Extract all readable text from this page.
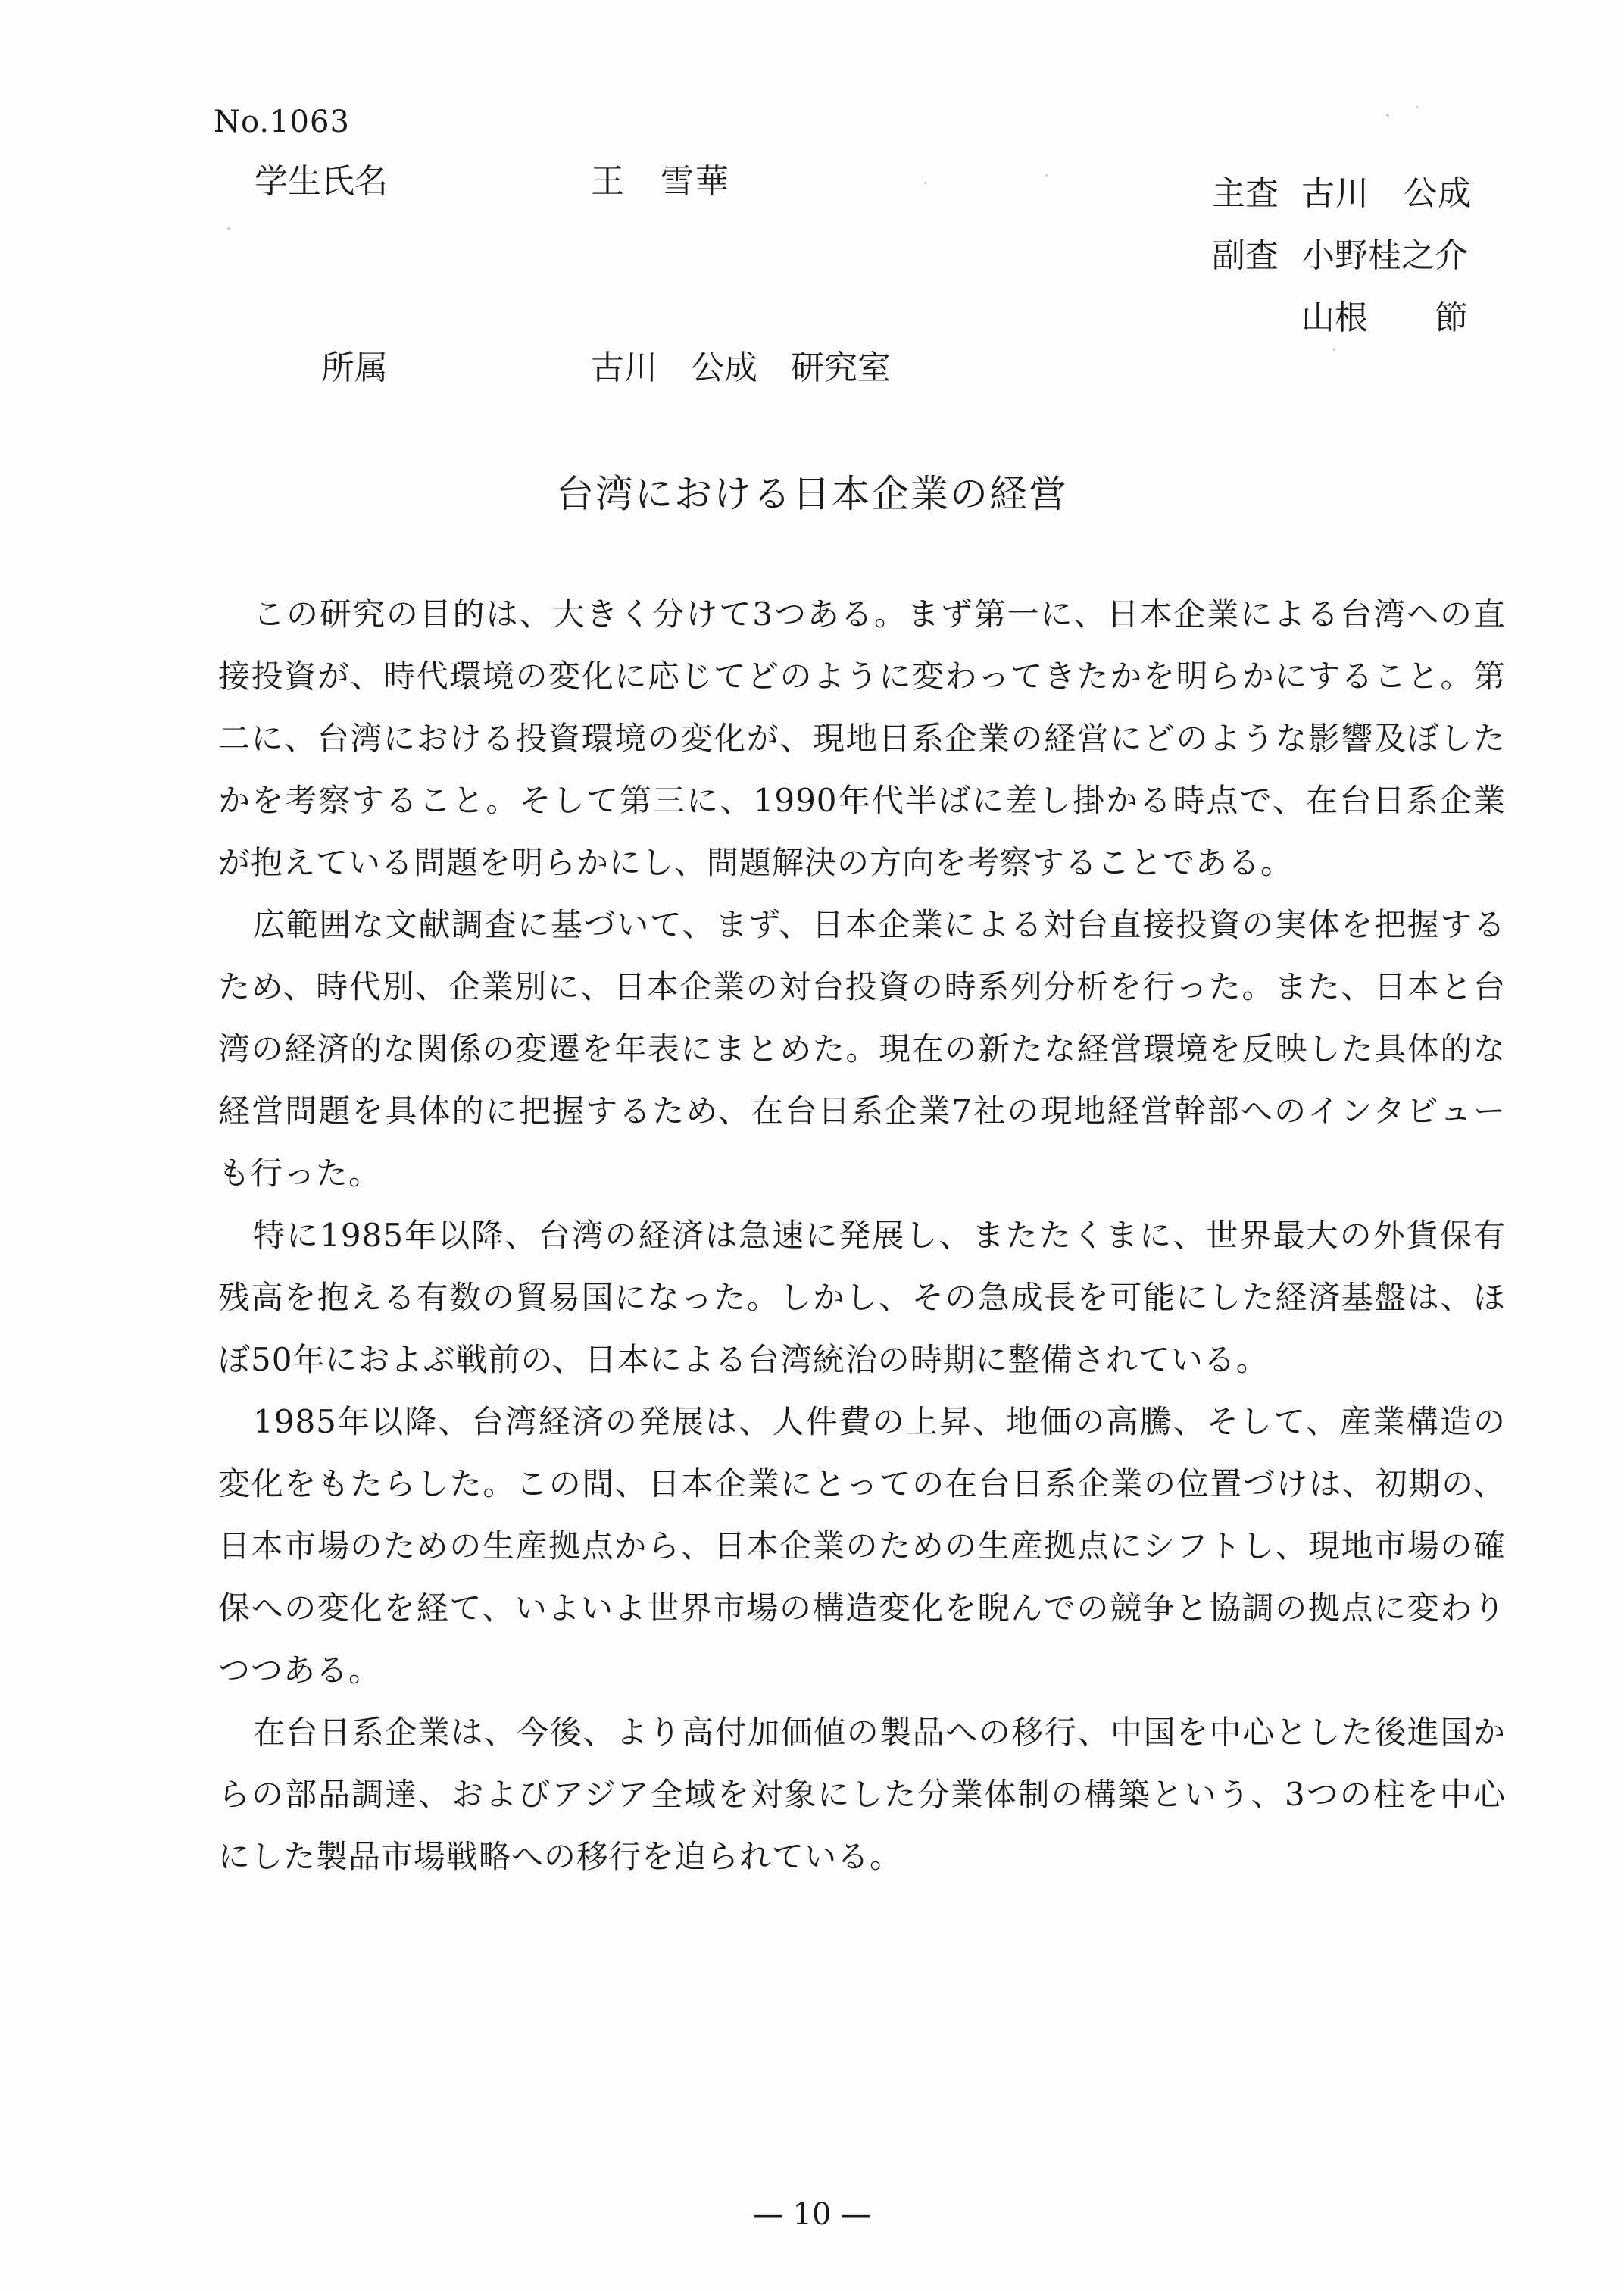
No.1063
学生氏名	王　雪華	主査 古川　公成
副査 小野桂之介
山根　　節
所属	古川　公成　研究室
台湾における日本企業の経営

この研究の目的は、大きく分けて3つある。まず第一に、日本企業による台湾への直接投資が、時代環境の変化に応じてどのように変わってきたかを明らかにすること。第二に、台湾における投資環境の変化が、現地日系企業の経営にどのような影響及ぼしたかを考察すること。そして第三に、1990年代半ばに差し掛かる時点で、在台日系企業が抱えている問題を明らかにし、問題解決の方向を考察することである。

広範囲な文献調査に基づいて、まず、日本企業による対台直接投資の実体を把握するため、時代別、企業別に、日本企業の対台投資の時系列分析を行った。また、日本と台湾の経済的な関係の変遷を年表にまとめた。現在の新たな経営環境を反映した具体的な経営問題を具体的に把握するため、在台日系企業7社の現地経営幹部へのインタビューも行った。

特に1985年以降、台湾の経済は急速に発展し、またたくまに、世界最大の外貨保有残高を抱える有数の貿易国になった。しかし、その急成長を可能にした経済基盤は、ほぼ50年におよぶ戦前の、日本による台湾統治の時期に整備されている。

1985年以降、台湾経済の発展は、人件費の上昇、地価の高騰、そして、産業構造の変化をもたらした。この間、日本企業にとっての在台日系企業の位置づけは、初期の、日本市場のための生産拠点から、日本企業のための生産拠点にシフトし、現地市場の確保への変化を経て、いよいよ世界市場の構造変化を睨んでの競争と協調の拠点に変わりつつある。

在台日系企業は、今後、より高付加価値の製品への移行、中国を中心とした後進国からの部品調達、およびアジア全域を対象にした分業体制の構築という、3つの柱を中心にした製品市場戦略への移行を迫られている。

— 10 —
